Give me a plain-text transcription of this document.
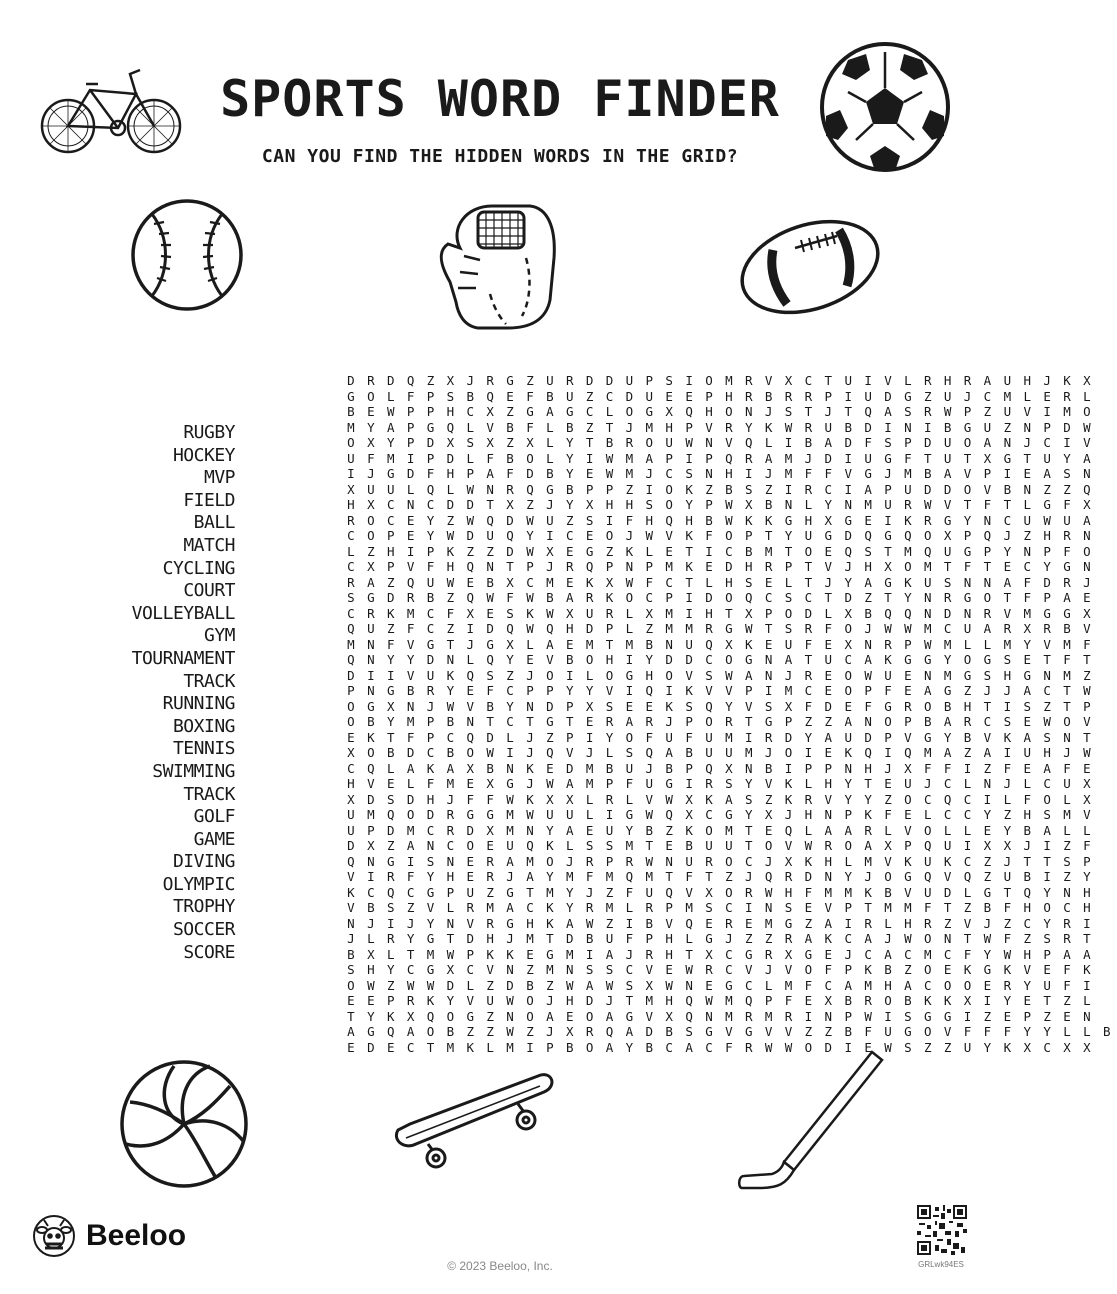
SPORTS WORD FINDER
CAN YOU FIND THE HIDDEN WORDS IN THE GRID?
RUGBY
HOCKEY
MVP
FIELD
BALL
MATCH
CYCLING
COURT
VOLLEYBALL
GYM
TOURNAMENT
TRACK
RUNNING
BOXING
TENNIS
SWIMMING
TRACK
GOLF
GAME
DIVING
OLYMPIC
TROPHY
SOCCER
SCORE
D R D Q Z X J R G Z U R D D U P S I O M R V X C T U I V L R H R A U H J K X
G O L F P S B Q E F B U Z C D U E E P H R B R R P I U D G Z U J C M L E R L
B E W P P H C X Z G A G C L O G X Q H O N J S T J T Q A S R W P Z U V I M O
M Y A P G Q L V B F L B Z T J M H P V R Y K W R U B D I N I B G U Z N P D W
O X Y P D X S X Z X L Y T B R O U W N V Q L I B A D F S P D U O A N J C I V
U F M I P D L F B O L Y I W M A P I P Q R A M J D I U G F T U T X G T U Y A
I J G D F H P A F D B Y E W M J C S N H I J M F F V G J M B A V P I E A S N
X U U L Q L W N R Q G B P P Z I O K Z B S Z I R C I A P U D D O V B N Z Z Q
H X C N C D D T X Z J Y X H H S O Y P W X B N L Y N M U R W V T F T L G F X
R O C E Y Z W Q D W U Z S I F H Q H B W K K G H X G E I K R G Y N C U W U A
C O P E Y W D U Q Y I C E O J W V K F O P T Y U G D Q G Q O X P Q J Z H R N
L Z H I P K Z Z D W X E G Z K L E T I C B M T O E Q S T M Q U G P Y N P F O
C X P V F H Q N T P J R Q P N P M K E D H R P T V J H X O M T F T E C Y G N
R A Z Q U W E B X C M E K X W F C T L H S E L T J Y A G K U S N N A F D R J
S G D R B Z Q W F W B A R K O C P I D O Q C S C T D Z T Y N R G O T F P A E
C R K M C F X E S K W X U R L X M I H T X P O D L X B Q Q N D N R V M G G X
Q U Z F C Z I D Q W Q H D P L Z M M R G W T S R F O J W W M C U A R X R B V
M N F V G T J G X L A E M T M B N U Q X K E U F E X N R P W M L L M Y V M F
Q N Y Y D N L Q Y E V B O H I Y D D C O G N A T U C A K G G Y O G S E T F T
D I I V U K Q S Z J O I L O G H O V S W A N J R E O W U E N M G S H G N M Z
P N G B R Y E F C P P Y Y V I Q I K V V P I M C E O P F E A G Z J J A C T W
O G X N J W V B Y N D P X S E E K S Q Y V S X F D E F G R O B H T I S Z T P
O B Y M P B N T C T G T E R A R J P O R T G P Z Z A N O P B A R C S E W O V
E K T F P C Q D L J Z P I Y O F U F U M I R D Y A U D P V G Y B V K A S N T
X O B D C B O W I J Q V J L S Q A B U U M J O I E K Q I Q M A Z A I U H J W
C Q L A K A X B N K E D M B U J B P Q X N B I P P N H J X F F I Z F E A F E
H V E L F M E X G J W A M P F U G I R S Y V K L H Y T E U J C L N J L C U X
X D S D H J F F W K X X L R L V W X K A S Z K R V Y Y Z O C Q C I L F O L X
U M Q O D R G G M W U U L I G W Q X C G Y X J H N P K F E L C C Y Z H S M V
U P D M C R D X M N Y A E U Y B Z K O M T E Q L A A R L V O L L E Y B A L L
D X Z A N C O E U Q K L S S M T E B U U T O V W R O A X P Q U I X X J I Z F
Q N G I S N E R A M O J R P R W N U R O C J X K H L M V K U K C Z J T T S P
V I R F Y H E R J A Y M F M Q M T F T Z J Q R D N Y J O G Q V Q Z U B I Z Y
K C Q C G P U Z G T M Y J Z F U Q V X O R W H F M M K B V U D L G T Q Y N H
V B S Z V L R M A C K Y R M L R P M S C I N S E V P T M M F T Z B F H O C H
N J I J Y N V R G H K A W Z I B V Q E R E M G Z A I R L H R Z V J Z C Y R I
J L R Y G T D H J M T D B U F P H L G J Z Z R A K C A J W O N T W F Z S R T
B X L T M W P K K E G M I A J R H T X C G R X G E J C A C M C F Y W H P A A
S H Y C G X C V N Z M N S S C V E W R C V J V O F P K B Z O E K G K V E F K
O W Z W W D L Z D B Z W A W S X W N E G C L M F C A M H A C O O E R Y U F I
E E P R K Y V U W O J H D J T M H Q W M Q P F E X B R O B K K X I Y E T Z L
T Y K X Q O G Z N O A E O A G V X Q N M R M R I N P W I S G G I Z E P Z E N
A G Q A O B Z Z W Z J X R Q A D B S G V G V V Z Z B F U G O V F F F Y Y L L B
E D E C T M K L M I P B O A Y B C A C F R W W O D I E W S Z Z U Y K X C X X
Beeloo
© 2023 Beeloo, Inc.	GRLwk94ES
